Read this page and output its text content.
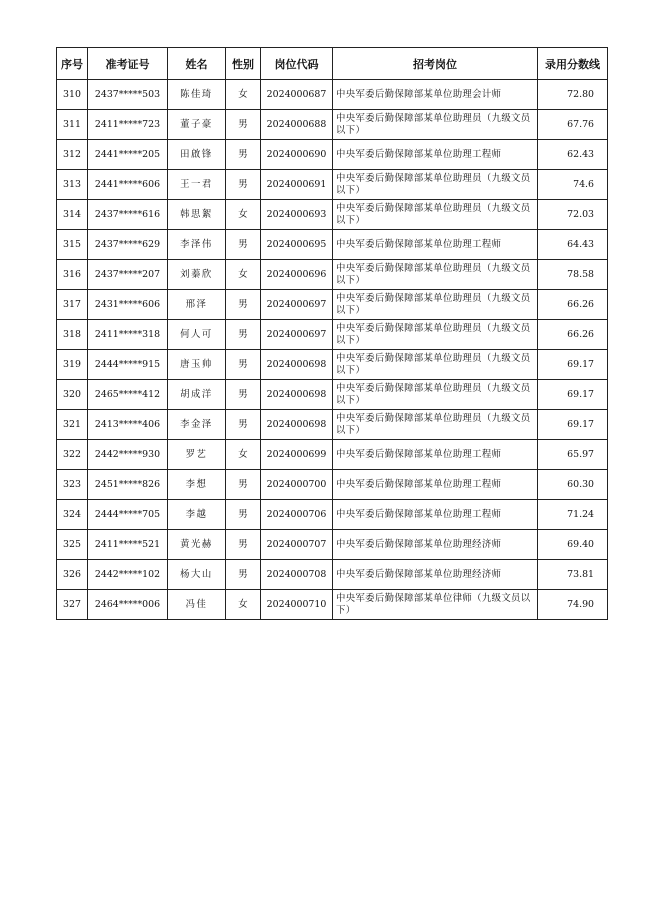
序号	准考证号	姓名	性别	岗位代码	招考岗位	录用分数线
310	2437*****503	陈佳琦	女	2024000687	中央军委后勤保障部某单位助理会计师	72.80
311	2411*****723	董子豪	男	2024000688	中央军委后勤保障部某单位助理员（九级文员以下）	67.76
312	2441*****205	田啟锋	男	2024000690	中央军委后勤保障部某单位助理工程师	62.43
313	2441*****606	王一君	男	2024000691	中央军委后勤保障部某单位助理员（九级文员以下）	74.6
314	2437*****616	韩思絮	女	2024000693	中央军委后勤保障部某单位助理员（九级文员以下）	72.03
315	2437*****629	李泽伟	男	2024000695	中央军委后勤保障部某单位助理工程师	64.43
316	2437*****207	刘蓁欣	女	2024000696	中央军委后勤保障部某单位助理员（九级文员以下）	78.58
317	2431*****606	邢泽	男	2024000697	中央军委后勤保障部某单位助理员（九级文员以下）	66.26
318	2411*****318	何人可	男	2024000697	中央军委后勤保障部某单位助理员（九级文员以下）	66.26
319	2444*****915	唐玉帅	男	2024000698	中央军委后勤保障部某单位助理员（九级文员以下）	69.17
320	2465*****412	胡成洋	男	2024000698	中央军委后勤保障部某单位助理员（九级文员以下）	69.17
321	2413*****406	李金泽	男	2024000698	中央军委后勤保障部某单位助理员（九级文员以下）	69.17
322	2442*****930	罗艺	女	2024000699	中央军委后勤保障部某单位助理工程师	65.97
323	2451*****826	李想	男	2024000700	中央军委后勤保障部某单位助理工程师	60.30
324	2444*****705	李越	男	2024000706	中央军委后勤保障部某单位助理工程师	71.24
325	2411*****521	黄光赫	男	2024000707	中央军委后勤保障部某单位助理经济师	69.40
326	2442*****102	杨大山	男	2024000708	中央军委后勤保障部某单位助理经济师	73.81
327	2464*****006	冯佳	女	2024000710	中央军委后勤保障部某单位律师（九级文员以下）	74.90
